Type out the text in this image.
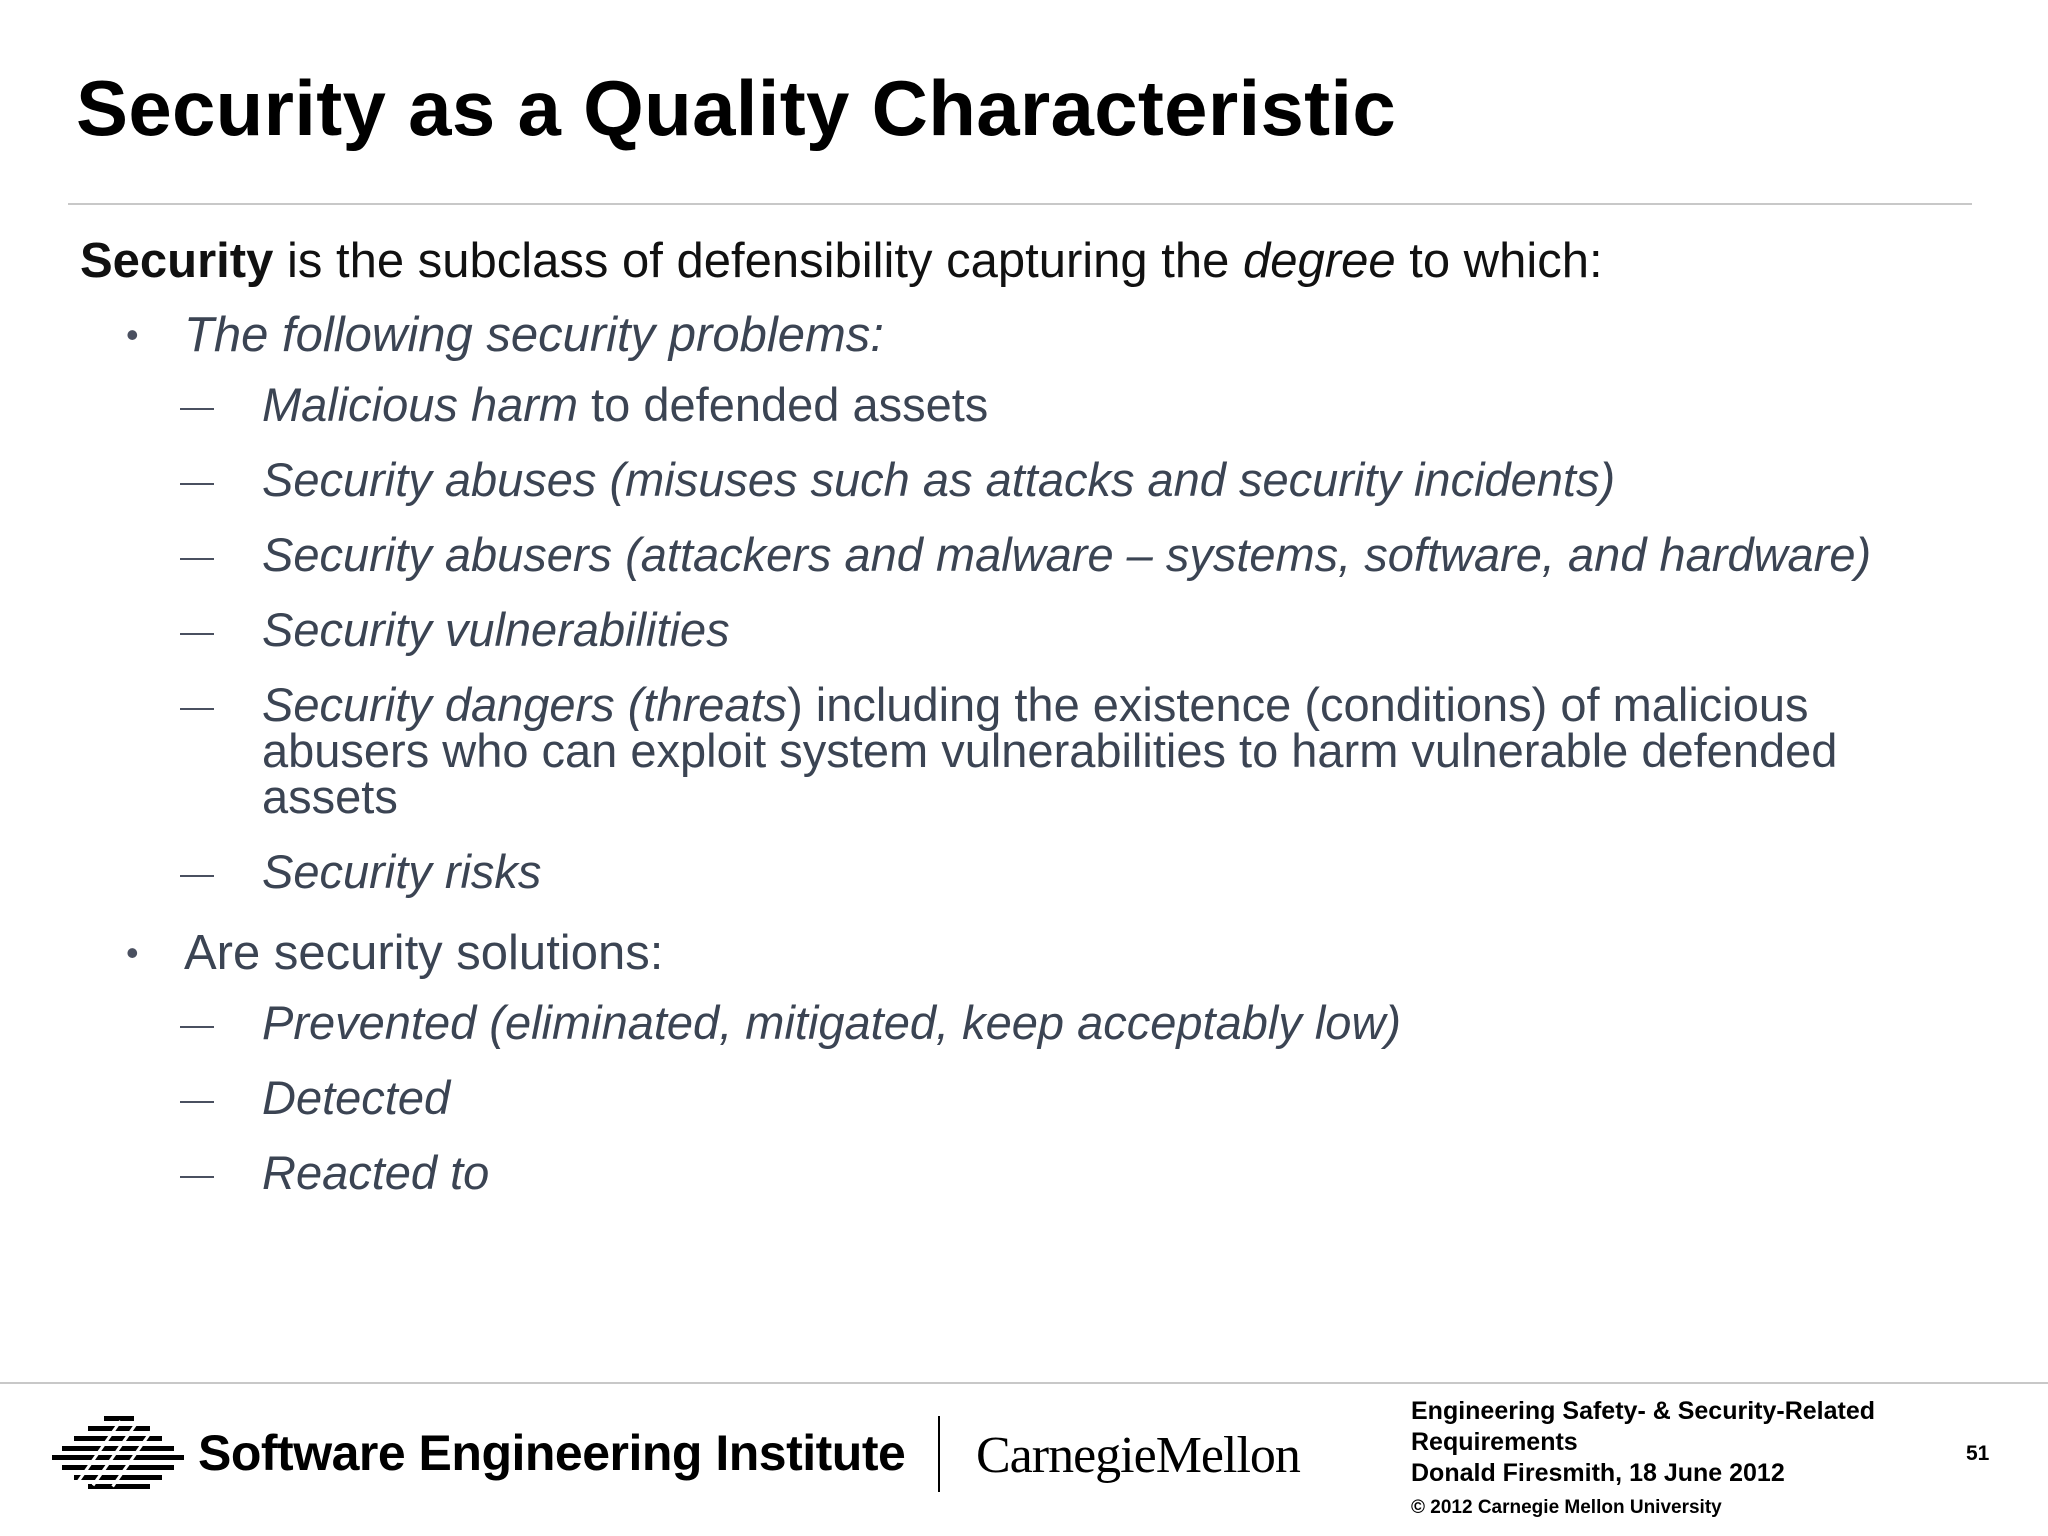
Security as a Quality Characteristic

Security is the subclass of defensibility capturing the degree to which:

• The following security problems:
Malicious harm to defended assets
Security abuses (misuses such as attacks and security incidents)
Security abusers (attackers and malware – systems, software, and hardware)
Security vulnerabilities
Security dangers (threats) including the existence (conditions) of malicious abusers who can exploit system vulnerabilities to harm vulnerable defended assets
Security risks
• Are security solutions:
Prevented (eliminated, mitigated, keep acceptably low)
Detected
Reacted to
Software Engineering Institute CarnegieMellon
Engineering Safety- & Security-Related
Requirements
Donald Firesmith, 18 June 2012
© 2012 Carnegie Mellon University
51
